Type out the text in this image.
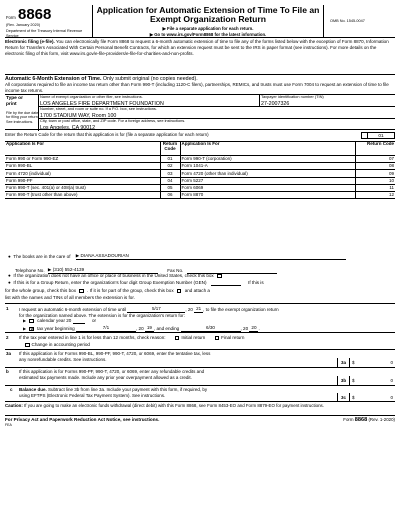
Form 8868
(Rev. January 2020)
Department of the Treasury Internal Revenue Service
Application for Automatic Extension of Time To File an
Exempt Organization Return
▶ File a separate application for each return.
▶ Go to www.irs.gov/Form8868 for the latest information.
OMB No. 1545-0047
Electronic filing (e-file). You can electronically file Form 8868 to request a 6-month automatic extension of time to file any of the forms listed below with the exception of Form 8870, Information Return for Transfers Associated With Certain Personal Benefit Contracts, for which an extension request must be sent to the IRS in paper format (see instructions). For more details on the electronic filing of this form, visit www.irs.gov/e-file-providers/e-file-for-charities-and-non-profits.
Automatic 6-Month Extension of Time. Only submit original (no copies needed).
All corporations required to file an income tax return other than Form 990-T (including 1120-C filers), partnerships, REMICs, and trusts must use Form 7004 to request an extension of time to file income tax returns.
Type or
print
File by the due date for filing your return. See instructions.
Name of exempt organization or other filer, see instructions.
LOS ANGELES FIRE DEPARTMENT FOUNDATION
Taxpayer identification number (TIN)
27-2007326
Number, street, and room or suite no. If a P.O. box, see instructions.
1700 STADIUM WAY, Room 100
City, town or post office, state, and ZIP code. For a foreign address, see instructions.
Los Angeles, CA 90012
Enter the Return Code for the return that this application is for (file a separate application for each return)	01
Application Is For	Return Code	Application Is For	Return Code
Form 990 or Form 990-EZ	01	Form 990-T (corporation)	07
Form 990-BL	02	Form 1041-A	08
Form 4720 (individual)	03	Form 4720 (other than individual)	09
Form 990-PF	04	Form 5227	10
Form 990-T (sec. 401(a) or 408(a) trust)	05	Form 6069	11
Form 990-T (trust other than above)	06	Form 8870	12
● The books are in the care of ▶ DIANA ASSADOURIAN
Telephone No. ▶ (310) 552-4139	Fax No.
● If the organization does not have an office or place of business in the United States, check this box
● If this is for a Group Return, enter the organization's four digit Group Exemption Number (GEN)	If this is
for the whole group, check this box . If it is for part of the group, check this box and attach a
list with the names and TINs of all members the extension is for.
1 I request an automatic 6-month extension of time until	5/17	, 20 21 , to file the exempt organization return
for the organization named above. The extension is for the organization's return for:
▶ calendar year 20	or
▶ X tax year beginning	7/1	, 20 19 , and ending	6/30	, 20 20 .
2 If the tax year entered in line 1 is for less than 12 months, check reason:	Initial return	Final return
Change in accounting period
3a If this application is for Forms 990-BL, 990-PF, 990-T, 4720, or 6069, enter the tentative tax, less
any nonrefundable credits. See instructions.
3a	$	0
b If this application is for Forms 990-PF, 990-T, 4720, or 6069, enter any refundable credits and
estimated tax payments made. Include any prior year overpayment allowed as a credit.
3b	$	0
c Balance due. Subtract line 3b from line 3a. Include your payment with this form, if required, by
using EFTPS (Electronic Federal Tax Payment System). See instructions.	3c	$	0
Caution: If you are going to make an electronic funds withdrawal (direct debit) with this Form 8868, see Form 8453-EO and Form 8879-EO for payment instructions.
For Privacy Act and Paperwork Reduction Act Notice, see instructions.	Form 8868 (Rev. 1-2020)
FEA
